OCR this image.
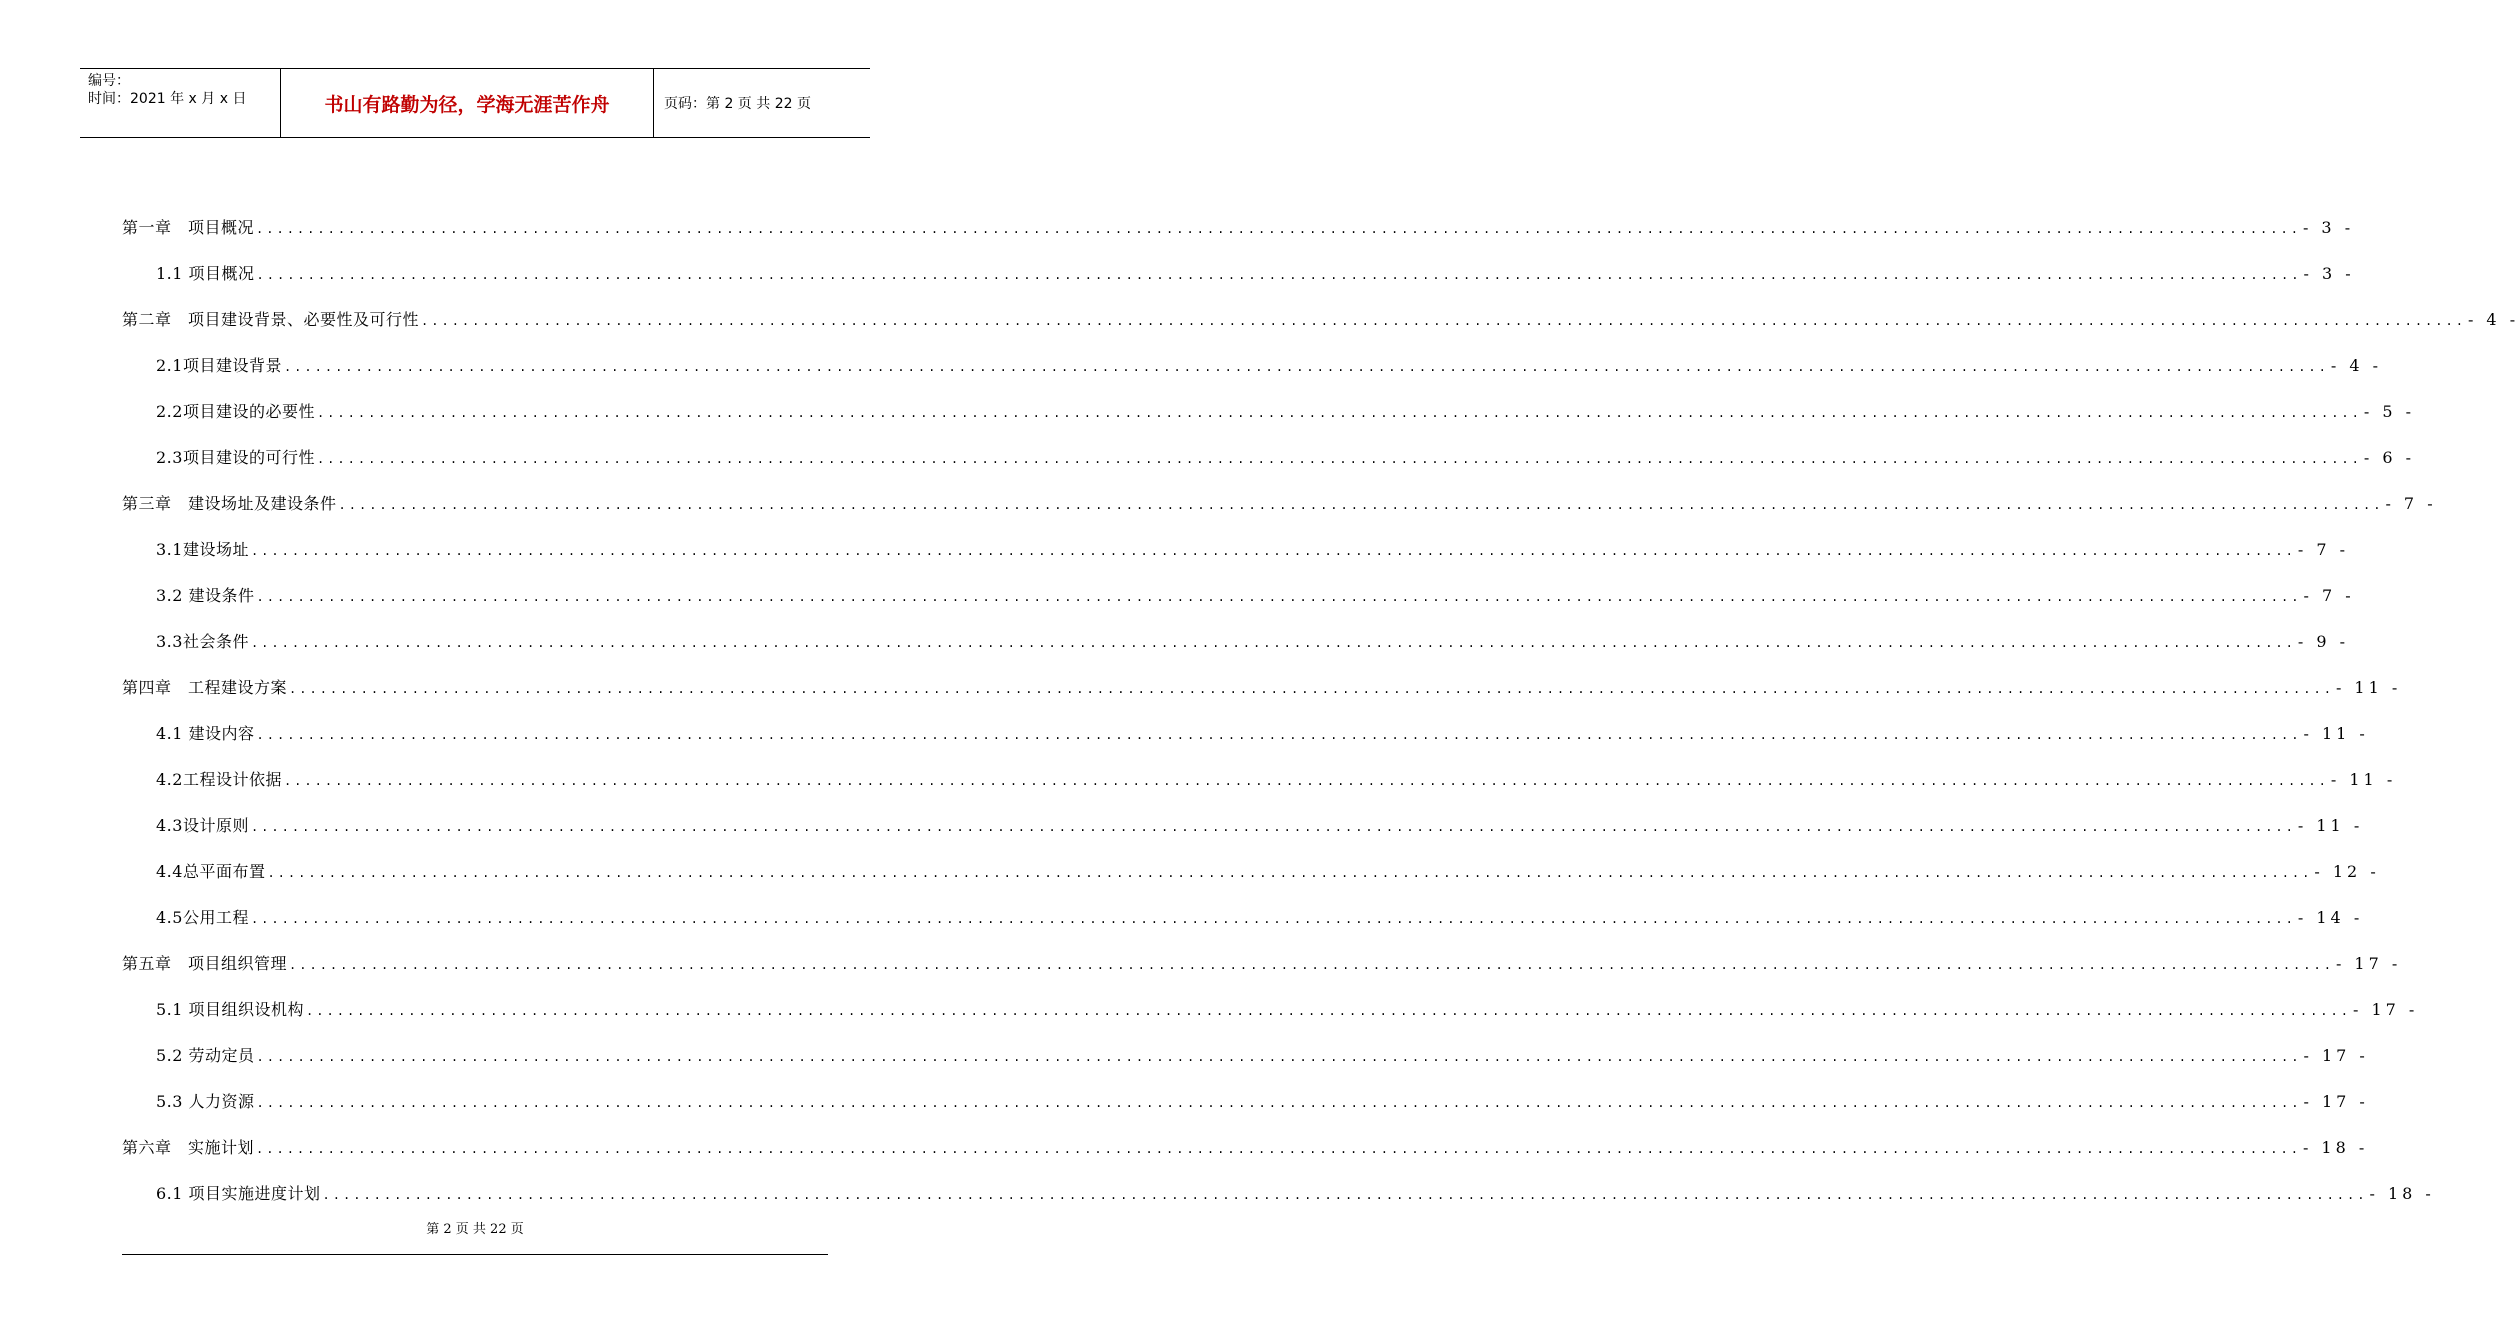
编号：
时间：2021 年 x 月 x 日	书山有路勤为径，学海无涯苦作舟	页码：第 2 页 共 22 页
第一章　项目概况 ........................................................................................................................................................................................................ - 3 -
1.1 项目概况 ........................................................................................................................................................................................................ - 3 -
第二章　项目建设背景、必要性及可行性 ........................................................................................................................................................................................................ - 4 -
2.1项目建设背景 ........................................................................................................................................................................................................ - 4 -
2.2项目建设的必要性 ........................................................................................................................................................................................................ - 5 -
2.3项目建设的可行性 ........................................................................................................................................................................................................ - 6 -
第三章　建设场址及建设条件 ........................................................................................................................................................................................................ - 7 -
3.1建设场址 ........................................................................................................................................................................................................ - 7 -
3.2 建设条件 ........................................................................................................................................................................................................ - 7 -
3.3社会条件 ........................................................................................................................................................................................................ - 9 -
第四章　工程建设方案 ........................................................................................................................................................................................................ - 11 -
4.1 建设内容 ........................................................................................................................................................................................................ - 11 -
4.2工程设计依据 ........................................................................................................................................................................................................ - 11 -
4.3设计原则 ........................................................................................................................................................................................................ - 11 -
4.4总平面布置 ........................................................................................................................................................................................................ - 12 -
4.5公用工程 ........................................................................................................................................................................................................ - 14 -
第五章　项目组织管理 ........................................................................................................................................................................................................ - 17 -
5.1 项目组织设机构 ........................................................................................................................................................................................................ - 17 -
5.2 劳动定员 ........................................................................................................................................................................................................ - 17 -
5.3 人力资源 ........................................................................................................................................................................................................ - 17 -
第六章　实施计划 ........................................................................................................................................................................................................ - 18 -
6.1 项目实施进度计划 ........................................................................................................................................................................................................ - 18 -
第 2 页 共 22 页
